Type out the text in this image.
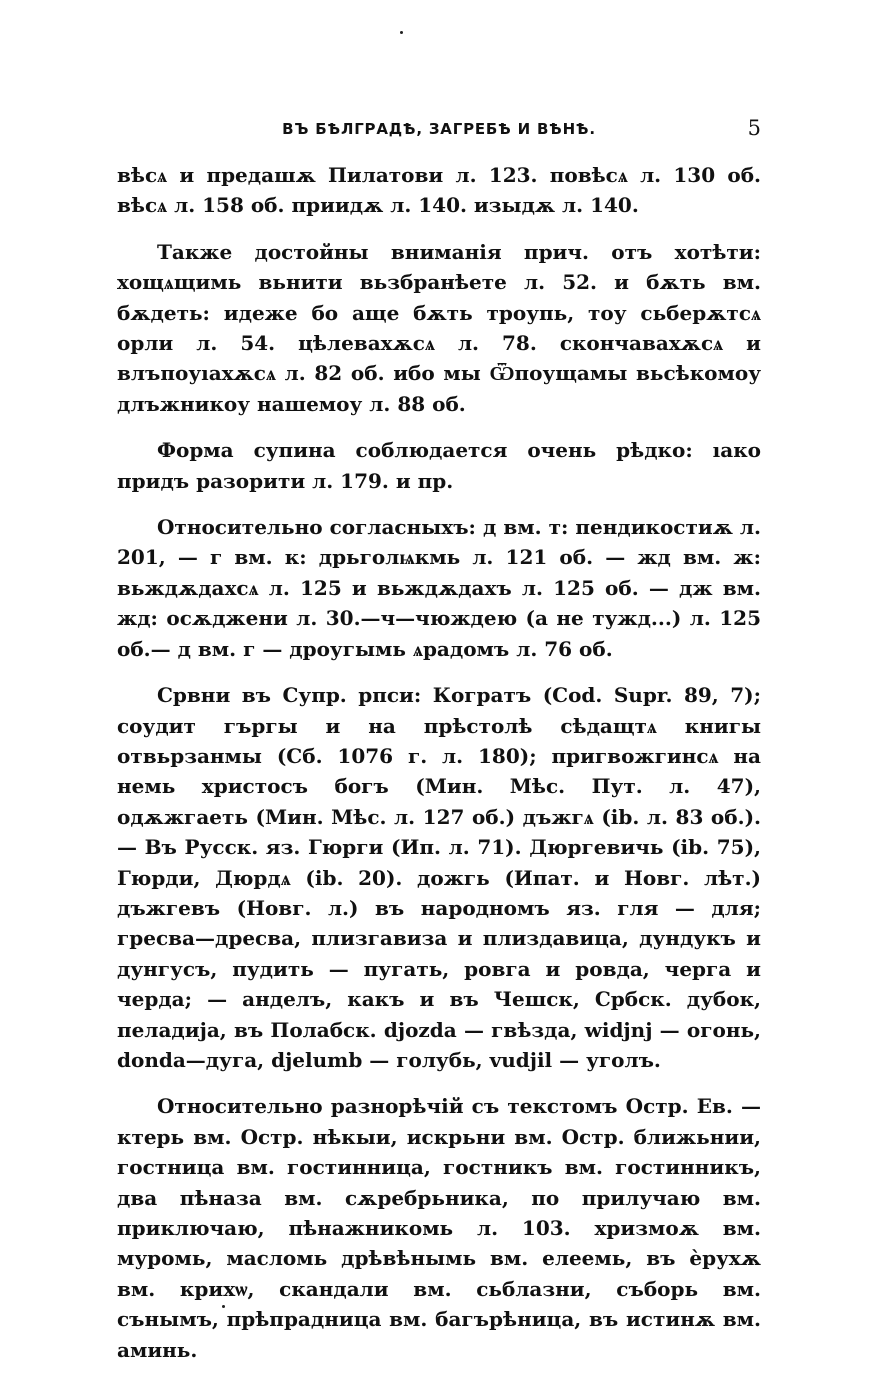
ВЪ БѢЛГРАДѢ, ЗАГРЕБѢ И ВѢНѢ.	5

вѣсѧ и предашѫ Пилатови л. 123. повѣсѧ л. 130 об. вѣсѧ л. 158 об. приидѫ л. 140. изыдѫ л. 140.

Также достойны вниманія прич. отъ хотѣти: хощѧщимь вьнити вьзбранѣете л. 52. и бѫть вм. бѫдеть: идеже бо аще бѫть троупь, тоу сьберѫтсѧ орли л. 54. цѣлевахѫсѧ л. 78. скончавахѫсѧ и влъпоуıахѫсѧ л. 82 об. ибо мы Ѿпоущамы вьсѣкомоу длъжникоу нашемоу л. 88 об.

Форма супина соблюдается очень рѣдко: ıако придъ разорити л. 179. и пр.

Относительно согласныхъ: д вм. т: пендикостиѫ л. 201, — г вм. к: дрьголѩкмь л. 121 об. — жд вм. ж: вьждѫдахсѧ л. 125 и вьждѫдахъ л. 125 об. — дж вм. жд: осѫджени л. 30.—ч—чюждею (а не тужд...) л. 125 об.— д вм. г — дроугымь ѧрадомъ л. 76 об.

Срвни въ Супр. рпси: Когратъ (Cod. Supr. 89, 7); соудит гъргы и на прѣстолѣ сѣдащтѧ книгы отвьрзанмы (Сб. 1076 г. л. 180); пригвожгинсѧ на немь христосъ богъ (Мин. Мѣс. Пут. л. 47), одѫжгаеть (Мин. Мѣс. л. 127 об.) дъжгѧ (ib. л. 83 об.). — Въ Русск. яз. Гюрги (Ип. л. 71). Дюргевичь (ib. 75), Гюрди, Дюрдѧ (ib. 20). дожгь (Ипат. и Новг. лѣт.) дъжгевъ (Новг. л.) въ народномъ яз. гля — для; гресва—дресва, плизгавиза и плиздавица, дундукъ и дунгусъ, пудить — пугать, ровга и ровда, черга и черда; — анделъ, какъ и въ Чешск, Србск. дубок, пеладија, въ Полабск. djozda — гвѣзда, widjnj — огонь, donda—дуга, djelumb — голубь, vudjil — уголъ.

Относительно разнорѣчій съ текстомъ Остр. Ев. — ктерь вм. Остр. нѣкыи, искрьни вм. Остр. ближьнии, гостница вм. гостинница, гостникъ вм. гостинникъ, два пѣназа вм. сѫребрьника, по прилучаю вм. приключаю, пѣнажникомь л. 103. хризмоѫ вм. муромь, масломь дрѣвѣнымь вм. елеемь, въ ѐрухѫ вм. крихѡ, скандали вм. сьблазни, съборь вм. сънымъ, прѣпрадница вм. багърѣница, въ истинѫ вм. аминь.
